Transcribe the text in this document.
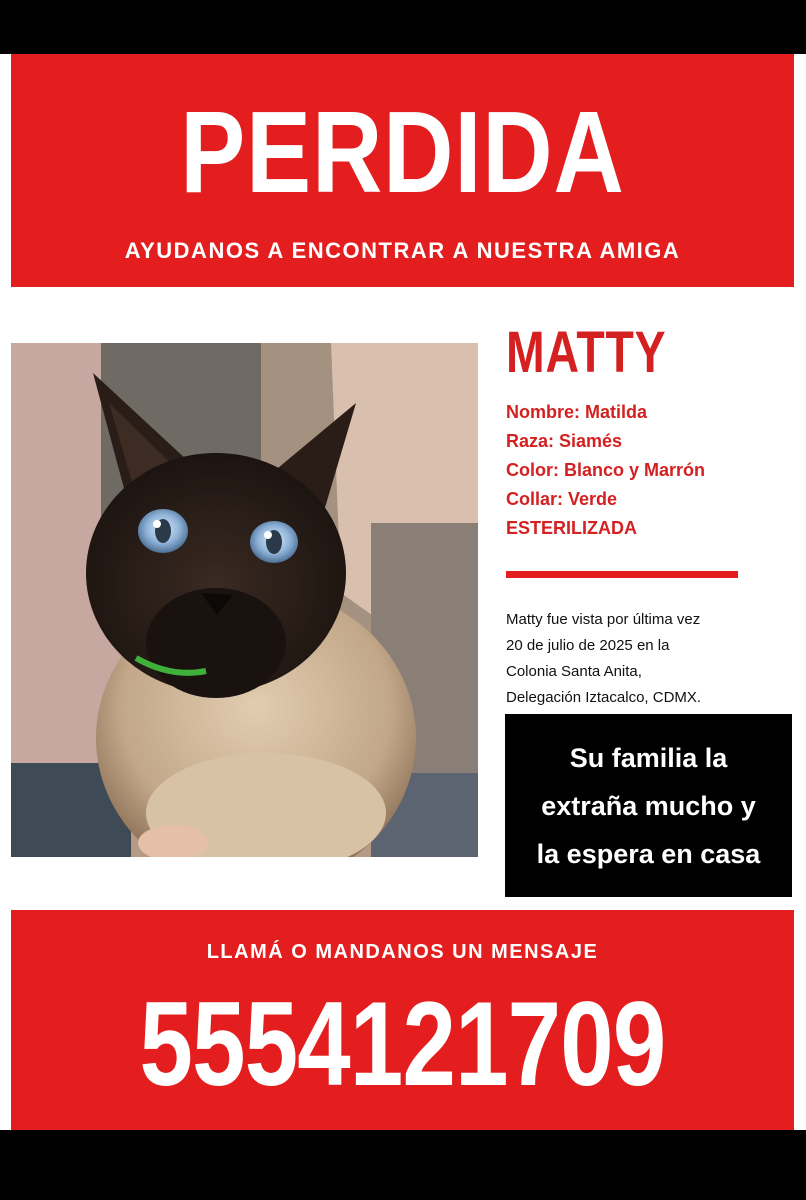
PERDIDA
AYUDANOS A ENCONTRAR A NUESTRA AMIGA
MATTY
Nombre: Matilda
Raza: Siamés
Color: Blanco y Marrón
Collar: Verde
ESTERILIZADA
Matty fue vista por última vez
20 de julio de 2025 en la
Colonia Santa Anita,
Delegación Iztacalco, CDMX.
Su familia la
extraña mucho y
la espera en casa
LLAMÁ O MANDANOS UN MENSAJE
5554121709
